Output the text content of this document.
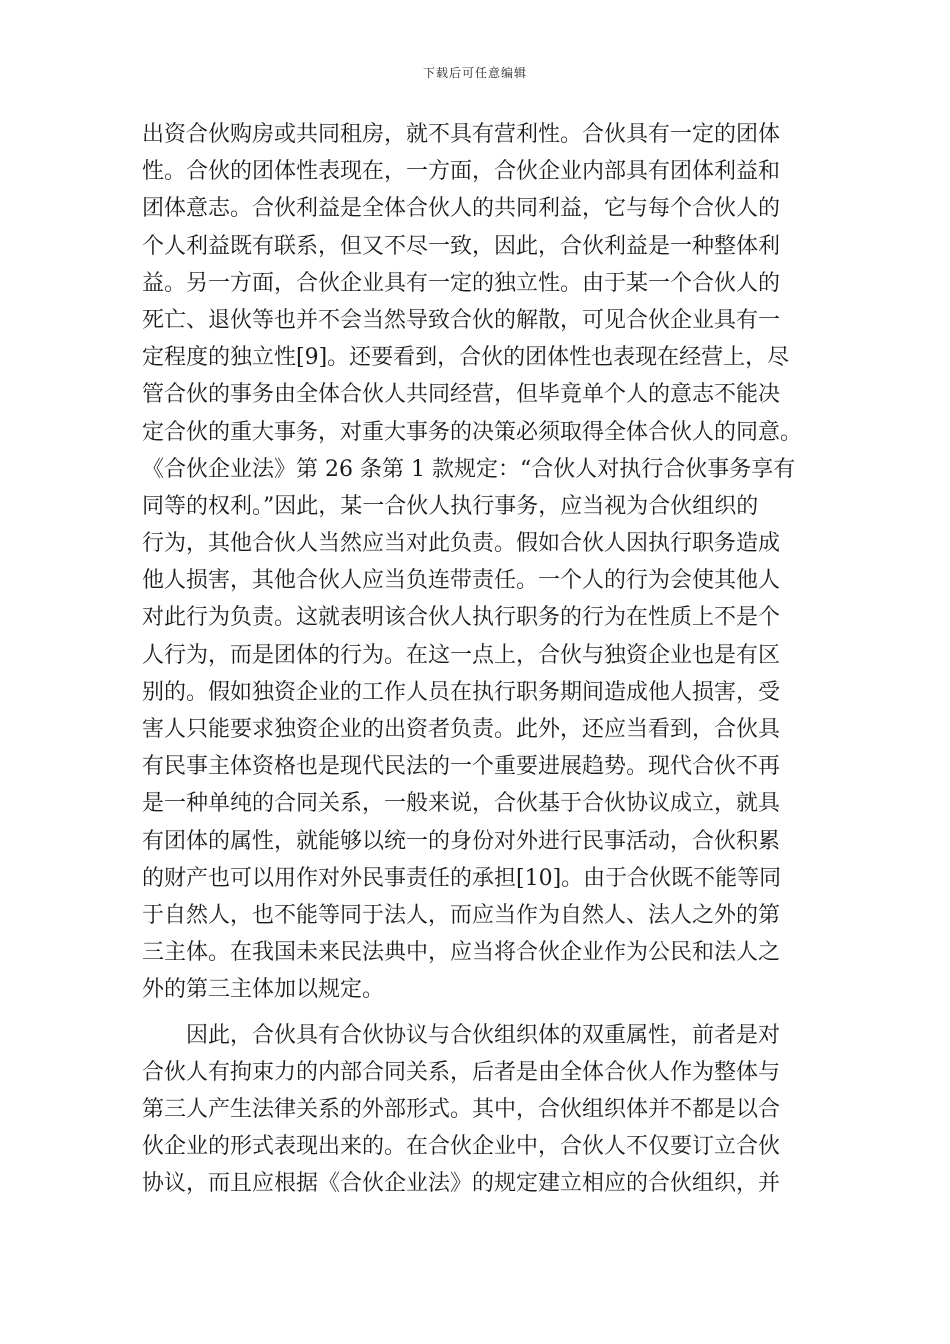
下载后可任意编辑
出资合伙购房或共同租房，就不具有营利性。合伙具有一定的团体
性。合伙的团体性表现在，一方面，合伙企业内部具有团体利益和
团体意志。合伙利益是全体合伙人的共同利益，它与每个合伙人的
个人利益既有联系，但又不尽一致，因此，合伙利益是一种整体利
益。另一方面，合伙企业具有一定的独立性。由于某一个合伙人的
死亡、退伙等也并不会当然导致合伙的解散，可见合伙企业具有一
定程度的独立性[9]。还要看到，合伙的团体性也表现在经营上，尽
管合伙的事务由全体合伙人共同经营，但毕竟单个人的意志不能决
定合伙的重大事务，对重大事务的决策必须取得全体合伙人的同意。
《合伙企业法》第 26 条第 1 款规定：“合伙人对执行合伙事务享有
同等的权利。”因此，某一合伙人执行事务，应当视为合伙组织的
行为，其他合伙人当然应当对此负责。假如合伙人因执行职务造成
他人损害，其他合伙人应当负连带责任。一个人的行为会使其他人
对此行为负责。这就表明该合伙人执行职务的行为在性质上不是个
人行为，而是团体的行为。在这一点上，合伙与独资企业也是有区
别的。假如独资企业的工作人员在执行职务期间造成他人损害，受
害人只能要求独资企业的出资者负责。此外，还应当看到，合伙具
有民事主体资格也是现代民法的一个重要进展趋势。现代合伙不再
是一种单纯的合同关系，一般来说，合伙基于合伙协议成立，就具
有团体的属性，就能够以统一的身份对外进行民事活动，合伙积累
的财产也可以用作对外民事责任的承担[10]。由于合伙既不能等同
于自然人，也不能等同于法人，而应当作为自然人、法人之外的第
三主体。在我国未来民法典中，应当将合伙企业作为公民和法人之
外的第三主体加以规定。
　　因此，合伙具有合伙协议与合伙组织体的双重属性，前者是对
合伙人有拘束力的内部合同关系，后者是由全体合伙人作为整体与
第三人产生法律关系的外部形式。其中，合伙组织体并不都是以合
伙企业的形式表现出来的。在合伙企业中，合伙人不仅要订立合伙
协议，而且应根据《合伙企业法》的规定建立相应的合伙组织，并
